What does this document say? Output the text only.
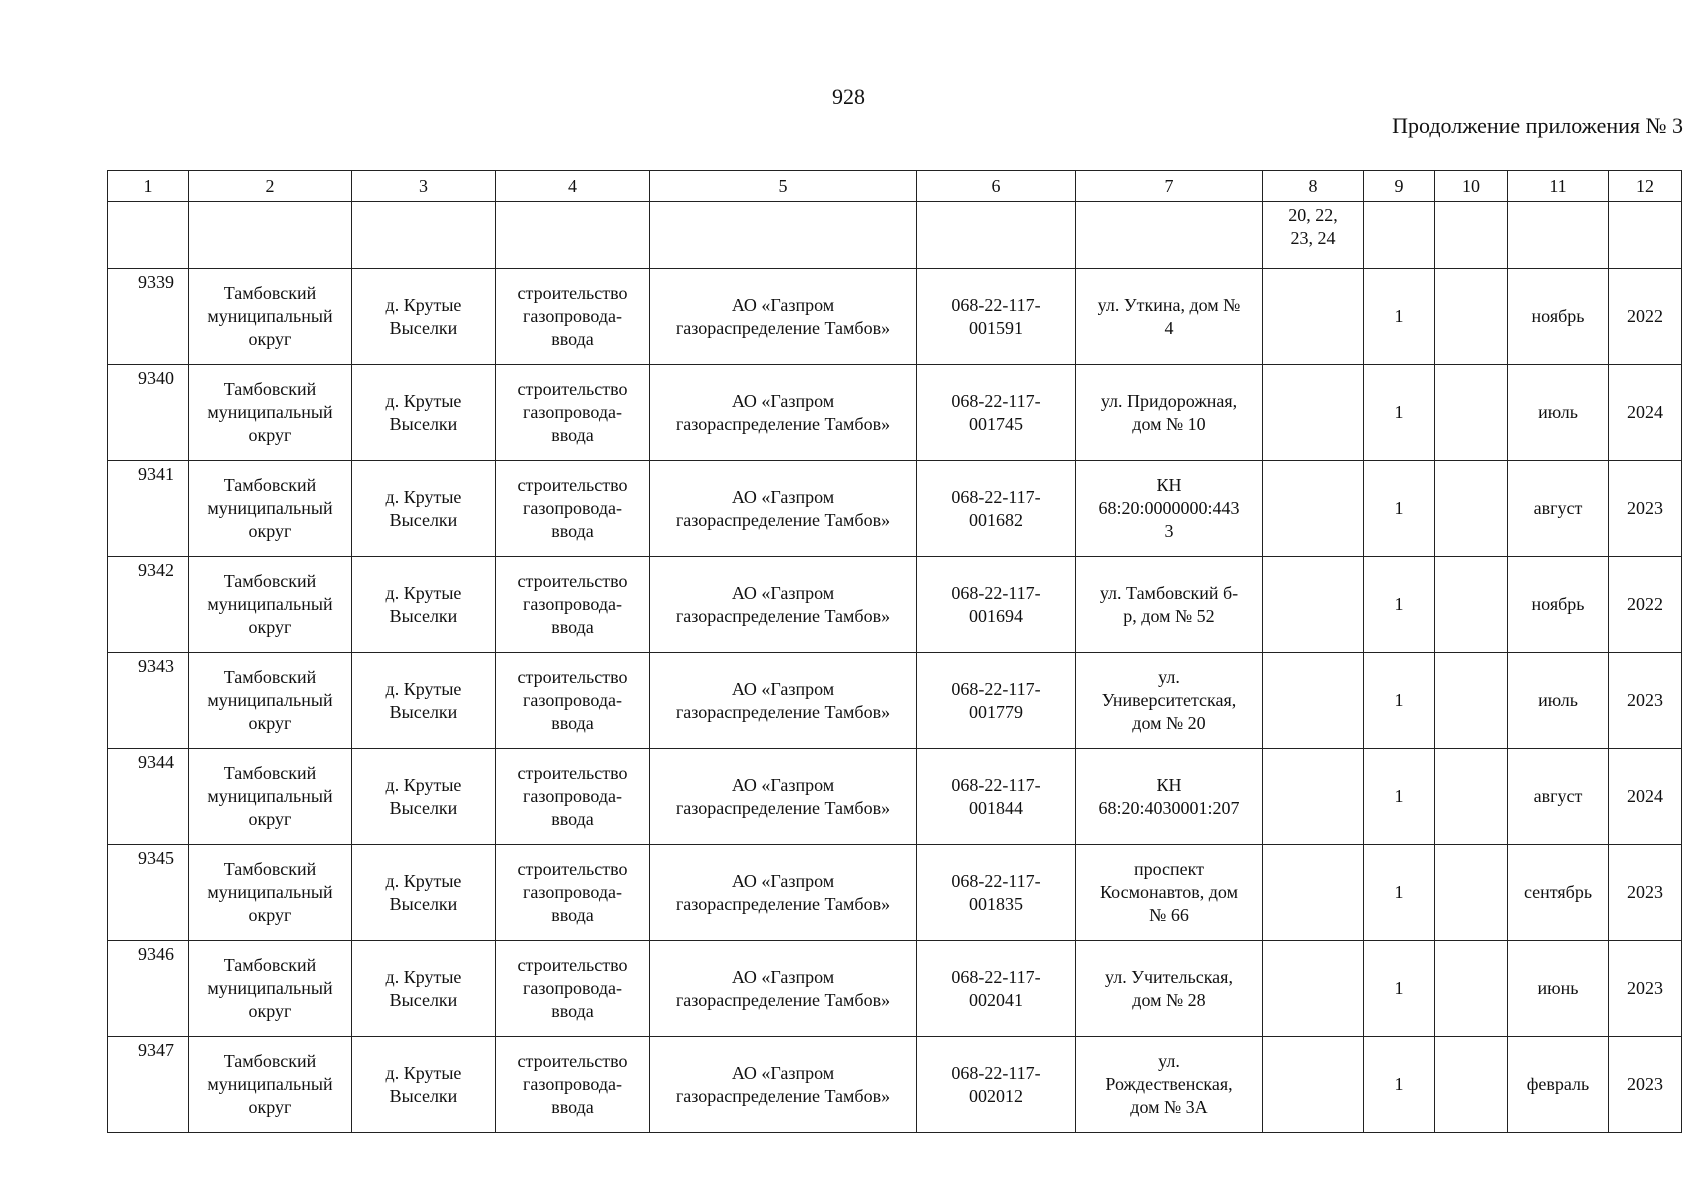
928
Продолжение приложения № 3
1	2	3	4	5	6	7	8	9	10	11	12

							20, 22,
23, 24				

9339	Тамбовский
муниципальный
округ	д. Крутые
Выселки	строительство
газопровода-
ввода	АО «Газпром
газораспределение Тамбов»	068-22-117-
001591	ул. Уткина, дом №
4		1		ноябрь	2022
9340	Тамбовский
муниципальный
округ	д. Крутые
Выселки	строительство
газопровода-
ввода	АО «Газпром
газораспределение Тамбов»	068-22-117-
001745	ул. Придорожная,
дом № 10		1		июль	2024
9341	Тамбовский
муниципальный
округ	д. Крутые
Выселки	строительство
газопровода-
ввода	АО «Газпром
газораспределение Тамбов»	068-22-117-
001682	КН
68:20:0000000:443
3		1		август	2023
9342	Тамбовский
муниципальный
округ	д. Крутые
Выселки	строительство
газопровода-
ввода	АО «Газпром
газораспределение Тамбов»	068-22-117-
001694	ул. Тамбовский б-
р, дом № 52		1		ноябрь	2022
9343	Тамбовский
муниципальный
округ	д. Крутые
Выселки	строительство
газопровода-
ввода	АО «Газпром
газораспределение Тамбов»	068-22-117-
001779	ул.
Университетская,
дом № 20		1		июль	2023
9344	Тамбовский
муниципальный
округ	д. Крутые
Выселки	строительство
газопровода-
ввода	АО «Газпром
газораспределение Тамбов»	068-22-117-
001844	КН
68:20:4030001:207		1		август	2024
9345	Тамбовский
муниципальный
округ	д. Крутые
Выселки	строительство
газопровода-
ввода	АО «Газпром
газораспределение Тамбов»	068-22-117-
001835	проспект
Космонавтов, дом
№ 66		1		сентябрь	2023
9346	Тамбовский
муниципальный
округ	д. Крутые
Выселки	строительство
газопровода-
ввода	АО «Газпром
газораспределение Тамбов»	068-22-117-
002041	ул. Учительская,
дом № 28		1		июнь	2023
9347	Тамбовский
муниципальный
округ	д. Крутые
Выселки	строительство
газопровода-
ввода	АО «Газпром
газораспределение Тамбов»	068-22-117-
002012	ул.
Рождественская,
дом № 3А		1		февраль	2023
